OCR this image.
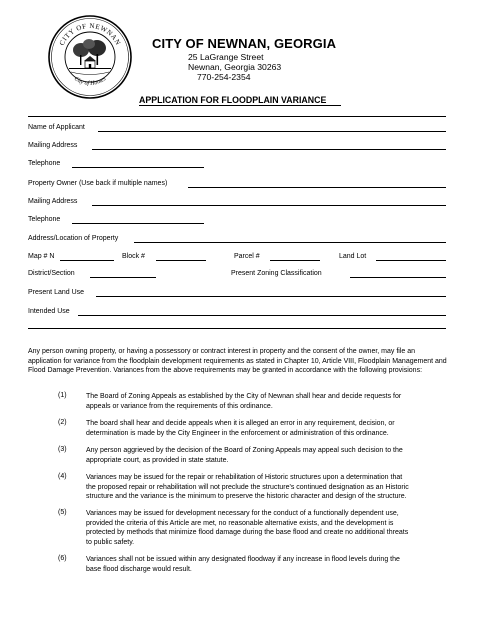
CITY OF NEWNAN
City of Homes
CITY OF NEWNAN, GEORGIA
25 LaGrange Street
Newnan, Georgia 30263
770-254-2354
APPLICATION FOR FLOODPLAIN VARIANCE
Name of Applicant
Mailing Address
Telephone
Property Owner (Use back if multiple names)
Mailing Address
Telephone
Address/Location of Property
Map # N	Block #	Parcel #	Land Lot
District/Section	Present Zoning Classification
Present Land Use
Intended Use
Any person owning property, or having a possessory or contract interest in property and the consent of the owner, may file an application for variance from the floodplain development requirements as stated in Chapter 10, Article VIII, Floodplain Management and Flood Damage Prevention. Variances from the above requirements may be granted in accordance with the following provisions:
(1)	The Board of Zoning Appeals as established by the City of Newnan shall hear and decide requests for
appeals or variance from the requirements of this ordinance.
(2)	The board shall hear and decide appeals when it is alleged an error in any requirement, decision, or
determination is made by the City Engineer in the enforcement or administration of this ordinance.
(3)	Any person aggrieved by the decision of the Board of Zoning Appeals may appeal such decision to the
appropriate court, as provided in state statute.
(4)	Variances may be issued for the repair or rehabilitation of Historic structures upon a determination that
the proposed repair or rehabilitation will not preclude the structure's continued designation as an Historic
structure and the variance is the minimum to preserve the historic character and design of the structure.
(5)	Variances may be issued for development necessary for the conduct of a functionally dependent use,
provided the criteria of this Article are met, no reasonable alternative exists, and the development is
protected by methods that minimize flood damage during the base flood and create no additional threats
to public safety.
(6)	Variances shall not be issued within any designated floodway if any increase in flood levels during the
base flood discharge would result.
